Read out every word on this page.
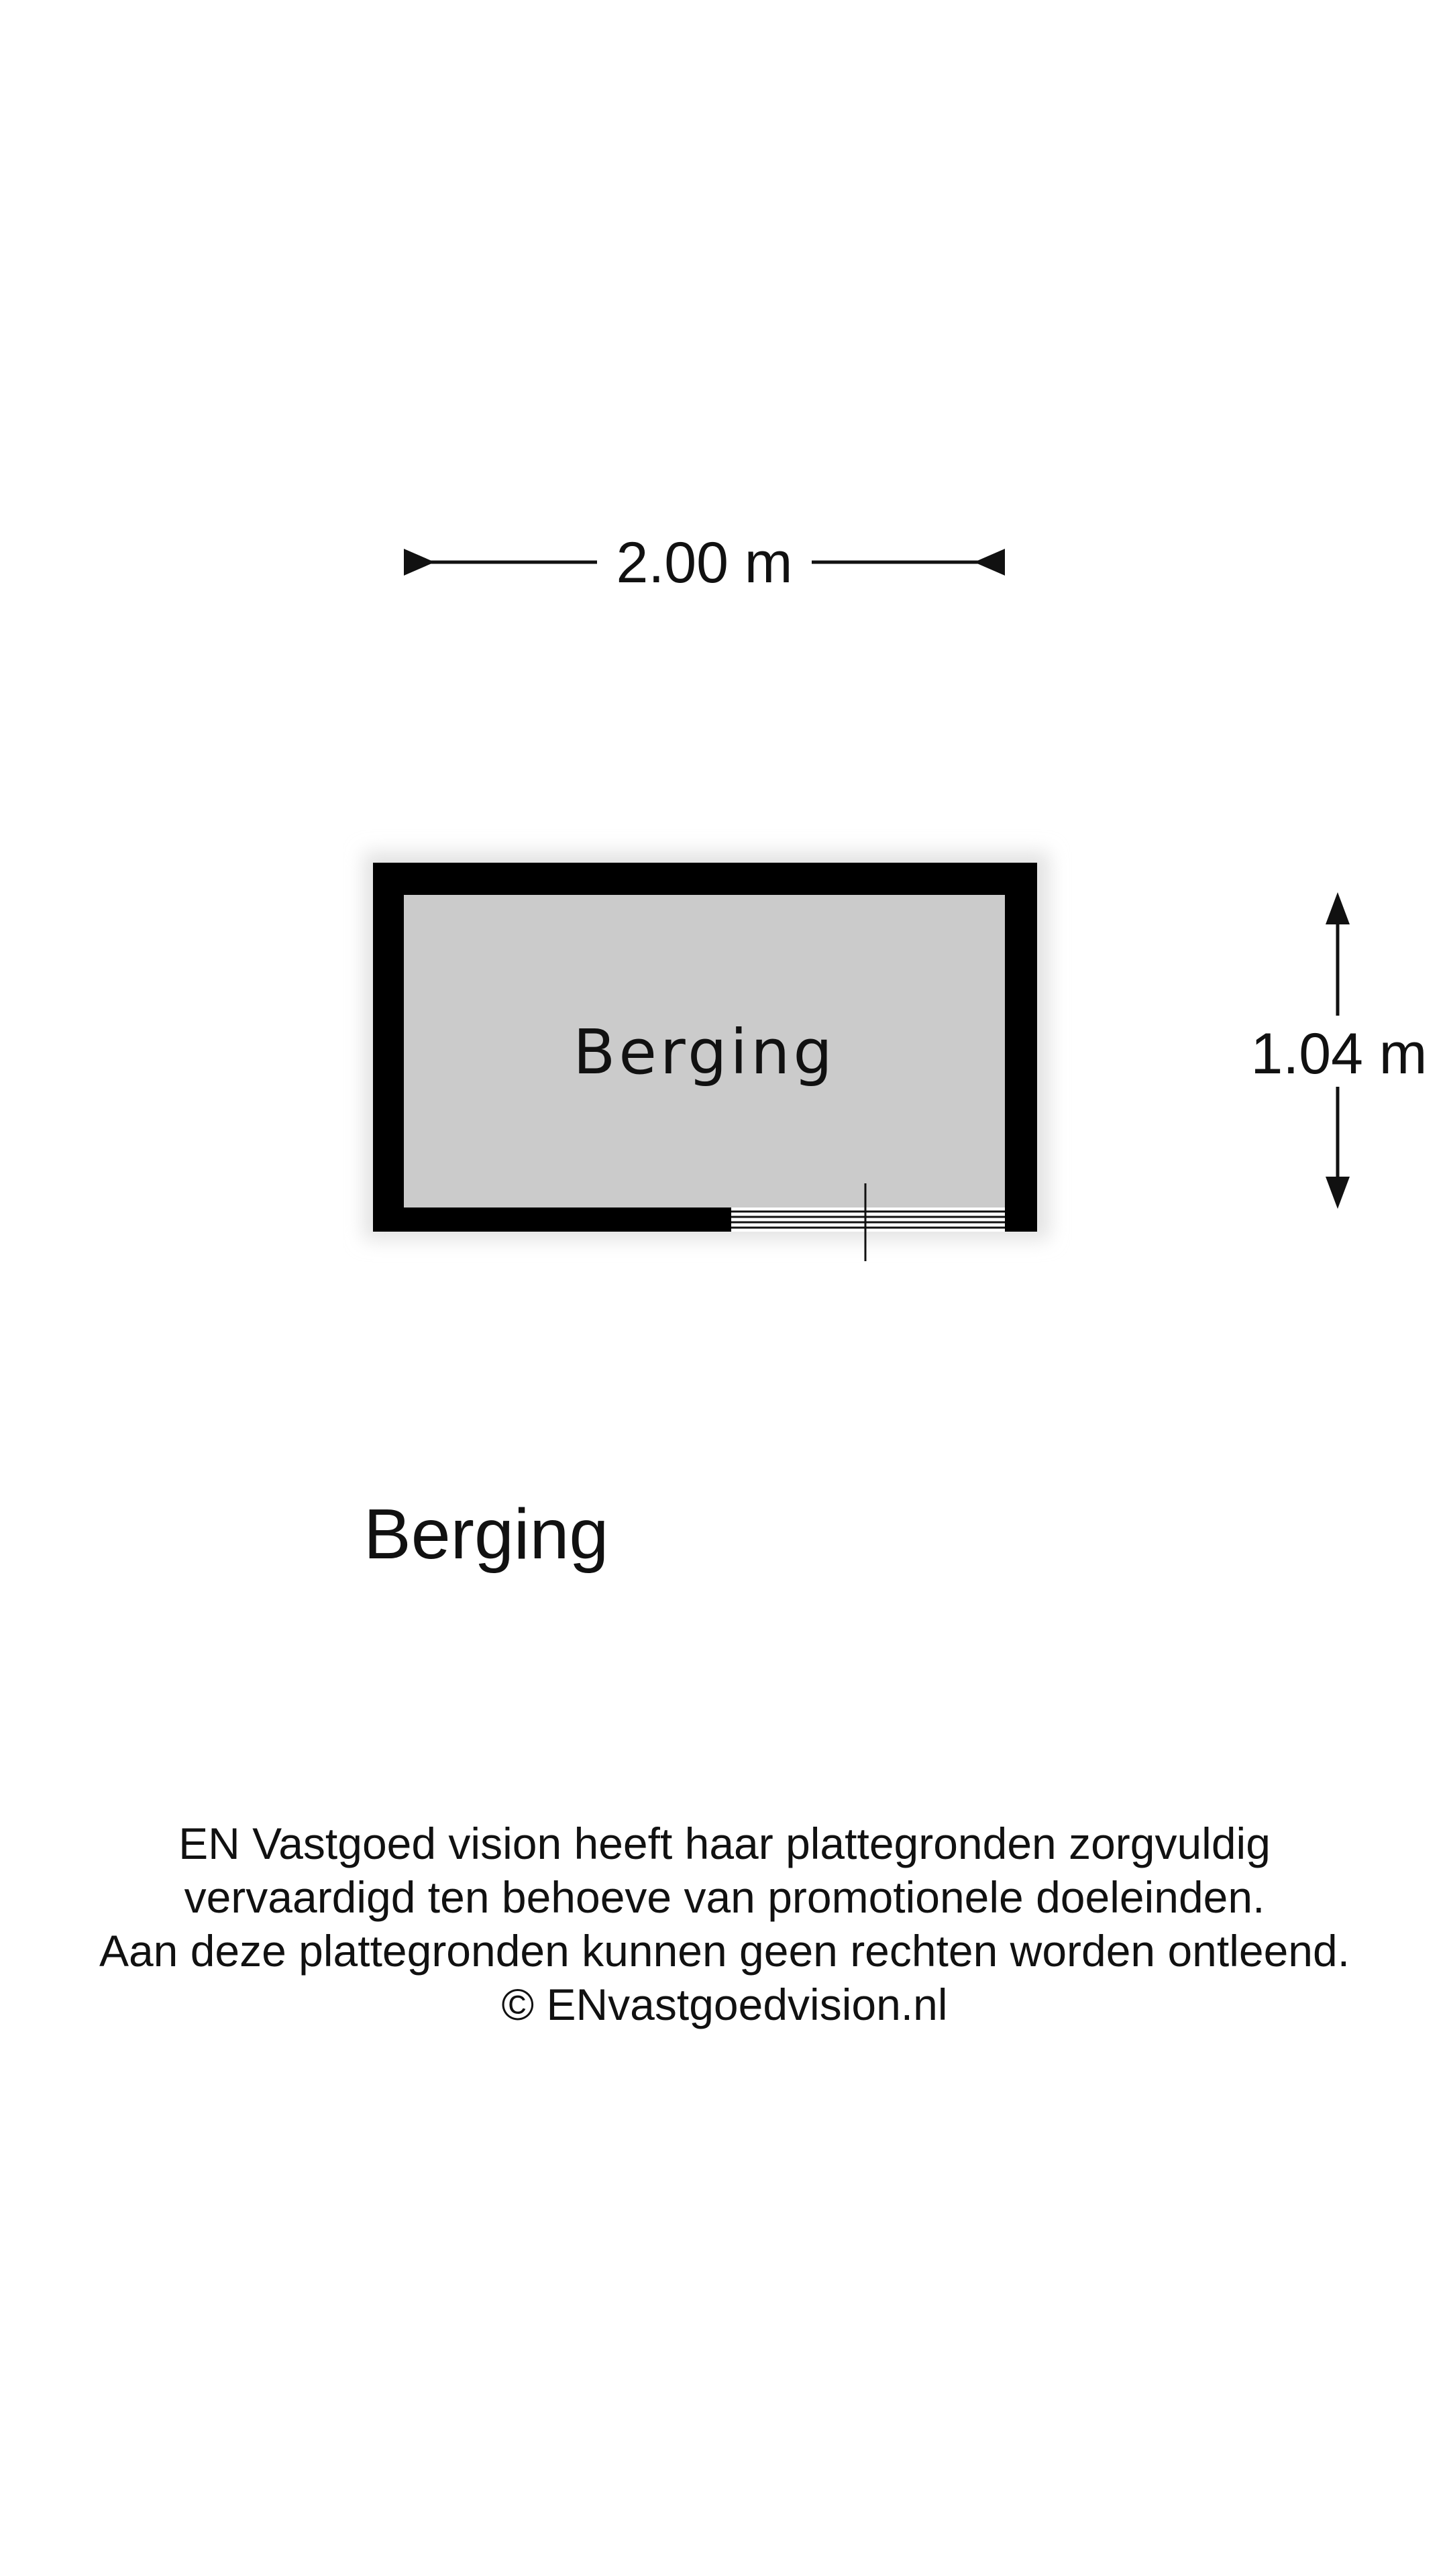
2.00 m
Berging	1.04 m
Berging

EN Vastgoed vision heeft haar plattegronden zorgvuldig

vervaardigd ten behoeve van promotionele doeleinden.

Aan deze plattegronden kunnen geen rechten worden ontleend.

© ENvastgoedvision.nl
